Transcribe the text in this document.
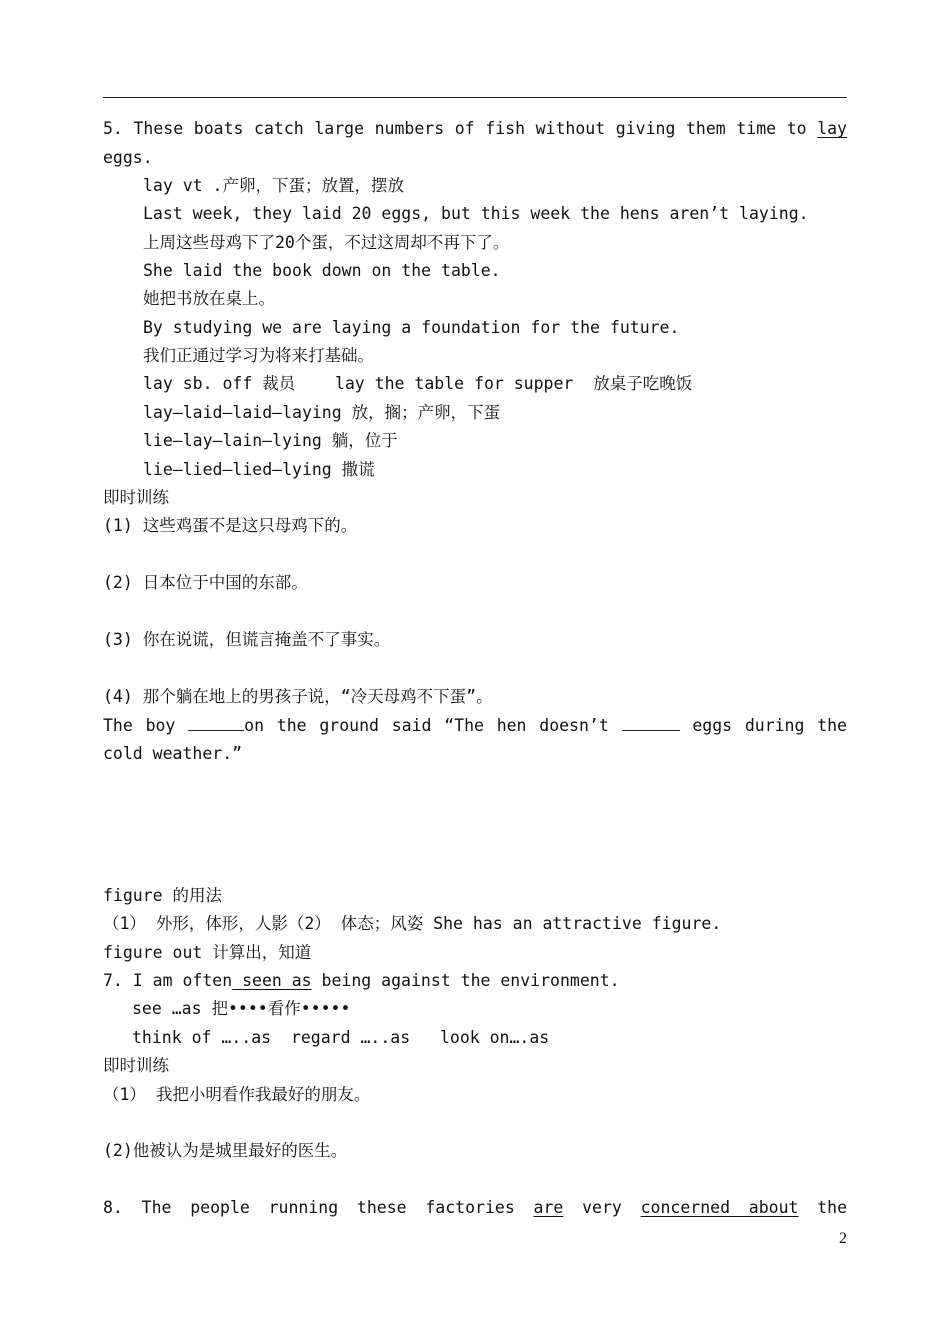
5. These boats catch large numbers of fish without giving them time to lay
eggs.
lay vt .产卵，下蛋；放置，摆放
Last week, they laid 20 eggs, but this week the hens aren’t laying.
上周这些母鸡下了20个蛋，不过这周却不再下了。
She laid the book down on the table.
她把书放在桌上。
By studying we are laying a foundation for the future.
我们正通过学习为将来打基础。
lay sb. off 裁员    lay the table for supper  放桌子吃晚饭
lay—laid—laid—laying 放，搁；产卵，下蛋
lie—lay—lain—lying 躺，位于
lie—lied—lied—lying 撒谎
即时训练
(1) 这些鸡蛋不是这只母鸡下的。

(2) 日本位于中国的东部。

(3) 你在说谎，但谎言掩盖不了事实。

(4) 那个躺在地上的男孩子说，“冷天母鸡不下蛋”。
The boy	on the ground said “The hen doesn’t	eggs during the
cold weather.”

figure 的用法
（1） 外形，体形，人影（2） 体态；风姿 She has an attractive figure.
figure out 计算出，知道
7. I am often seen as being against the environment.
see …as 把••••看作•••••
think of …..as  regard …..as   look on….as
即时训练
（1） 我把小明看作我最好的朋友。

(2)他被认为是城里最好的医生。

8. The people running these factories are very concerned about the
2
